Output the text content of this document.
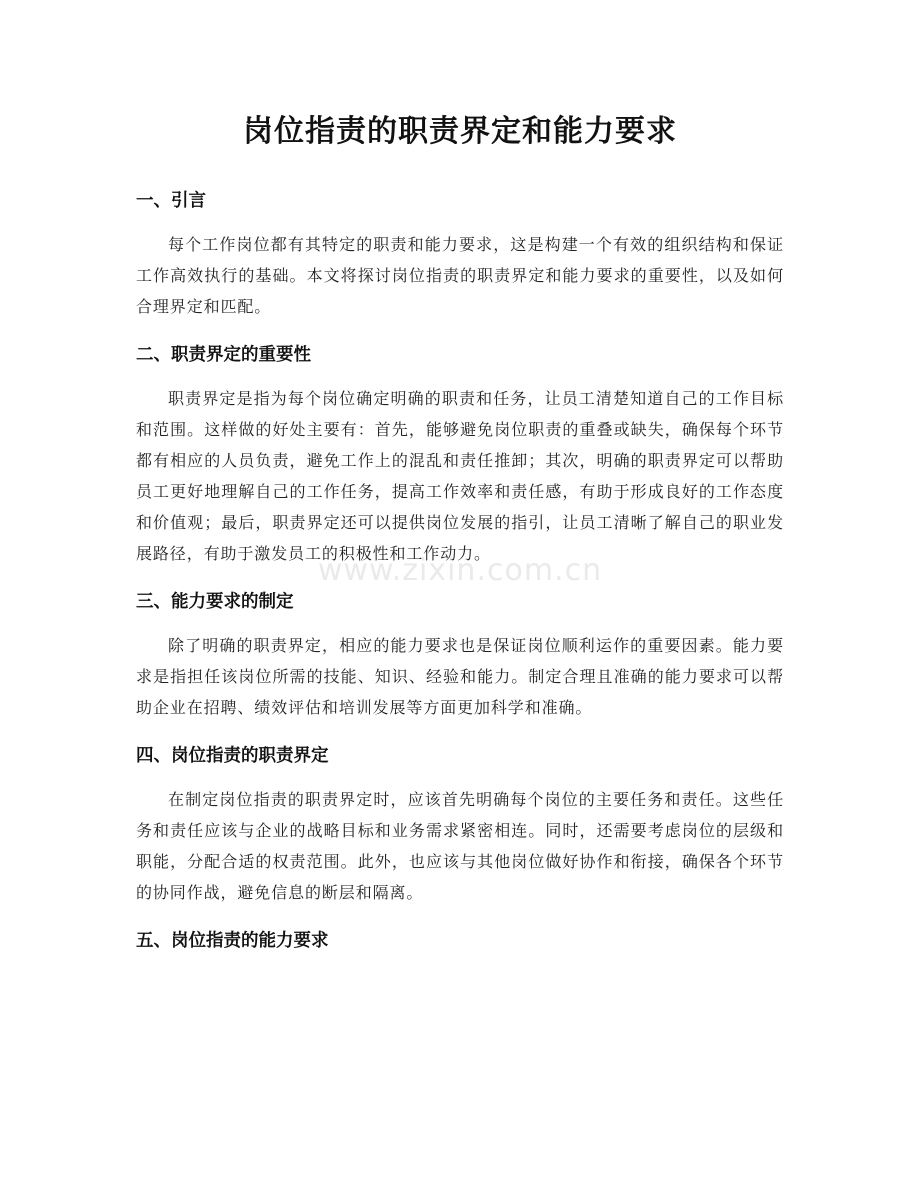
岗位指责的职责界定和能力要求
一、引言

每个工作岗位都有其特定的职责和能力要求，这是构建一个有效的组织结构和保证工作高效执行的基础。本文将探讨岗位指责的职责界定和能力要求的重要性，以及如何合理界定和匹配。

二、职责界定的重要性

职责界定是指为每个岗位确定明确的职责和任务，让员工清楚知道自己的工作目标和范围。这样做的好处主要有：首先，能够避免岗位职责的重叠或缺失，确保每个环节都有相应的人员负责，避免工作上的混乱和责任推卸；其次，明确的职责界定可以帮助员工更好地理解自己的工作任务，提高工作效率和责任感，有助于形成良好的工作态度和价值观；最后，职责界定还可以提供岗位发展的指引，让员工清晰了解自己的职业发展路径，有助于激发员工的积极性和工作动力。

三、能力要求的制定

除了明确的职责界定，相应的能力要求也是保证岗位顺利运作的重要因素。能力要求是指担任该岗位所需的技能、知识、经验和能力。制定合理且准确的能力要求可以帮助企业在招聘、绩效评估和培训发展等方面更加科学和准确。

四、岗位指责的职责界定

在制定岗位指责的职责界定时，应该首先明确每个岗位的主要任务和责任。这些任务和责任应该与企业的战略目标和业务需求紧密相连。同时，还需要考虑岗位的层级和职能，分配合适的权责范围。此外，也应该与其他岗位做好协作和衔接，确保各个环节的协同作战，避免信息的断层和隔离。

五、岗位指责的能力要求
www.zixin.com.cn
